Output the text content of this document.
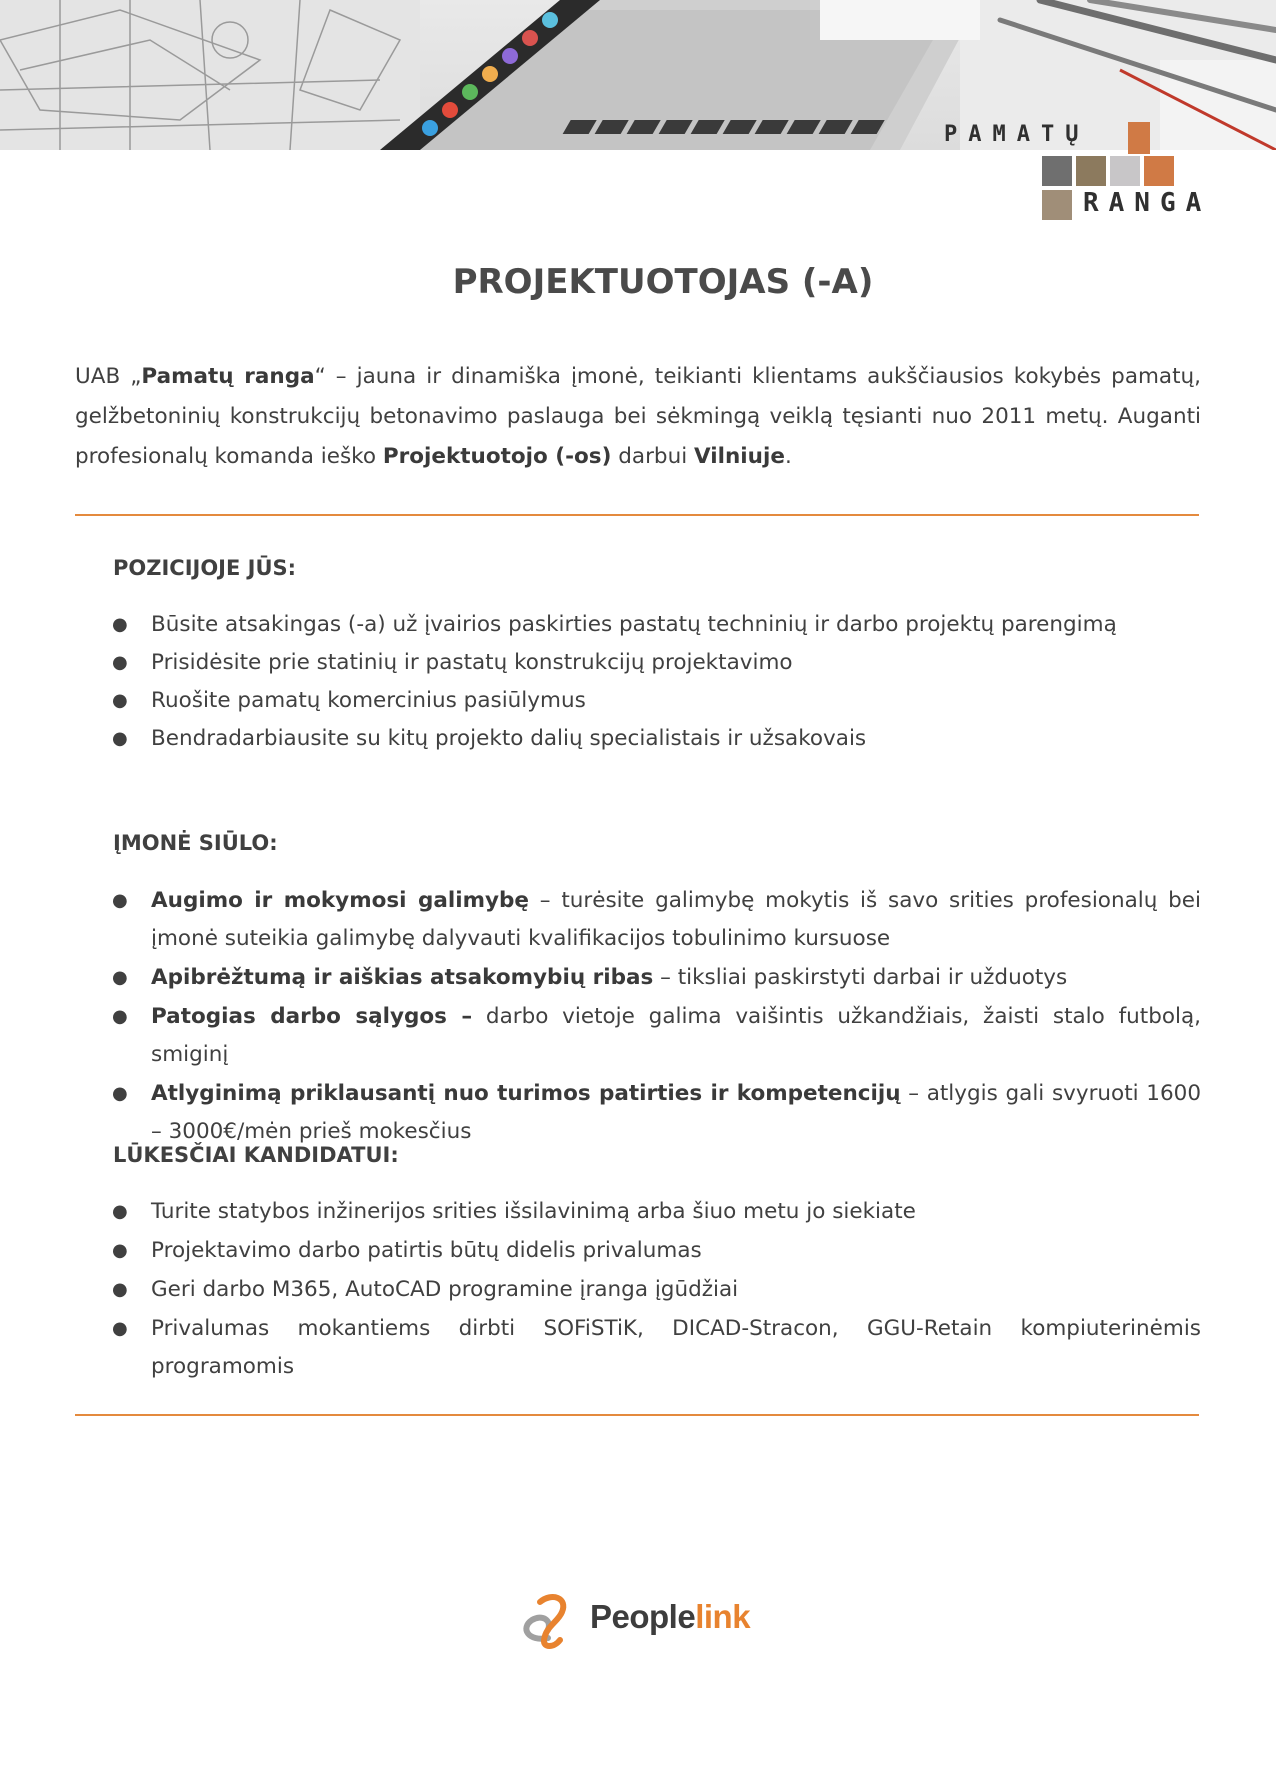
PAMATŲ
RANGA
PROJEKTUOTOJAS (-A)

UAB „Pamatų ranga“ – jauna ir dinamiška įmonė, teikianti klientams aukščiausios kokybės pamatų, gelžbetoninių konstrukcijų betonavimo paslauga bei sėkmingą veiklą tęsianti nuo 2011 metų. Auganti profesionalų komanda ieško Projektuotojo (-os) darbui Vilniuje.

POZICIJOJE JŪS:
● Būsite atsakingas (-a) už įvairios paskirties pastatų techninių ir darbo projektų parengimą
● Prisidėsite prie statinių ir pastatų konstrukcijų projektavimo
● Ruošite pamatų komercinius pasiūlymus
● Bendradarbiausite su kitų projekto dalių specialistais ir užsakovais
ĮMONĖ SIŪLO:
● Augimo ir mokymosi galimybę – turėsite galimybę mokytis iš savo srities profesionalų bei įmonė suteikia galimybę dalyvauti kvalifikacijos tobulinimo kursuose
● Apibrėžtumą ir aiškias atsakomybių ribas – tiksliai paskirstyti darbai ir užduotys
● Patogias darbo sąlygos – darbo vietoje galima vaišintis užkandžiais, žaisti stalo futbolą, smiginį
● Atlyginimą priklausantį nuo turimos patirties ir kompetencijų – atlygis gali svyruoti 1600 – 3000€/mėn prieš mokesčius
LŪKESČIAI KANDIDATUI:
● Turite statybos inžinerijos srities išsilavinimą arba šiuo metu jo siekiate
● Projektavimo darbo patirtis būtų didelis privalumas
● Geri darbo M365, AutoCAD programine įranga įgūdžiai
● Privalumas mokantiems dirbti SOFiSTiK, DICAD-Stracon, GGU-Retain kompiuterinėmis programomis
Peoplelink
